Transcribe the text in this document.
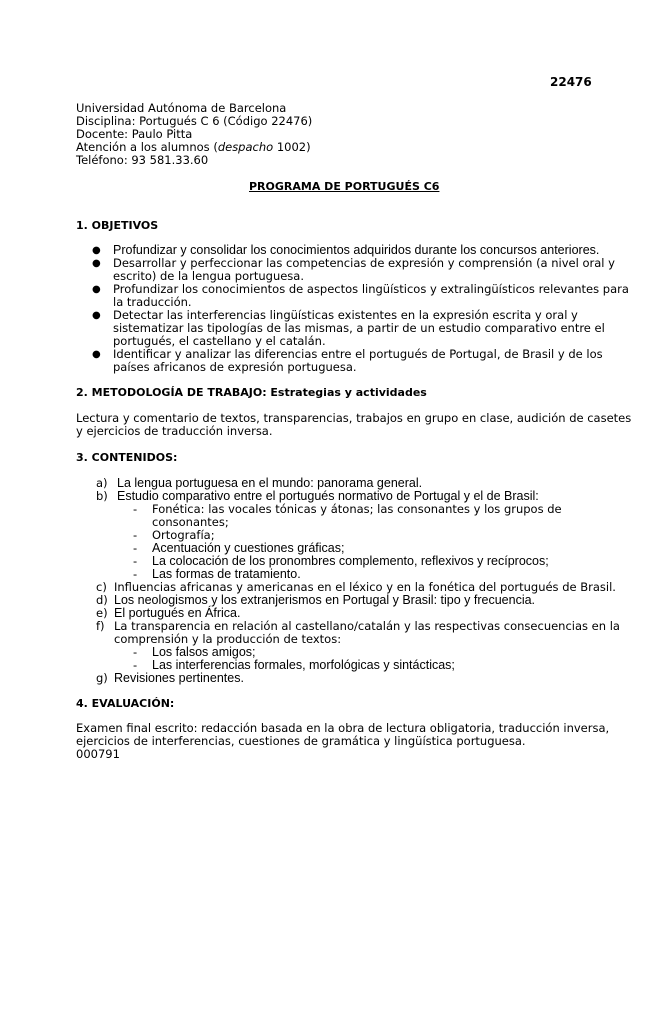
22476
Universidad Autónoma de Barcelona
Disciplina: Portugués C 6 (Código 22476)
Docente: Paulo Pitta
Atención a los alumnos (despacho 1002)
Teléfono: 93 581.33.60
PROGRAMA DE PORTUGUÉS C6
1. OBJETIVOS
● Profundizar y consolidar los conocimientos adquiridos durante los concursos anteriores.
● Desarrollar y perfeccionar las competencias de expresión y comprensión (a nivel oral y
escrito) de la lengua portuguesa.
● Profundizar los conocimientos de aspectos lingüísticos y extralingüísticos relevantes para
la traducción.
● Detectar las interferencias lingüísticas existentes en la expresión escrita y oral y
sistematizar las tipologías de las mismas, a partir de un estudio comparativo entre el
portugués, el castellano y el catalán.
● Identificar y analizar las diferencias entre el portugués de Portugal, de Brasil y de los
países africanos de expresión portuguesa.
2. METODOLOGÍA DE TRABAJO: Estrategias y actividades
Lectura y comentario de textos, transparencias, trabajos en grupo en clase, audición de casetes
y ejercicios de traducción inversa.
3. CONTENIDOS:
a) La lengua portuguesa en el mundo: panorama general.
b) Estudio comparativo entre el portugués normativo de Portugal y el de Brasil:
- Fonética: las vocales tónicas y átonas; las consonantes y los grupos de
consonantes;
- Ortografía;
- Acentuación y cuestiones gráficas;
- La colocación de los pronombres complemento, reflexivos y recíprocos;
- Las formas de tratamiento.
c) Influencias africanas y americanas en el léxico y en la fonética del portugués de Brasil.
d) Los neologismos y los extranjerismos en Portugal y Brasil: tipo y frecuencia.
e) El portugués en África.
f) La transparencia en relación al castellano/catalán y las respectivas consecuencias en la
comprensión y la producción de textos:
- Los falsos amigos;
- Las interferencias formales, morfológicas y sintácticas;
g) Revisiones pertinentes.
4. EVALUACIÓN:
Examen final escrito: redacción basada en la obra de lectura obligatoria, traducción inversa,
ejercicios de interferencias, cuestiones de gramática y lingüística portuguesa.
000791
